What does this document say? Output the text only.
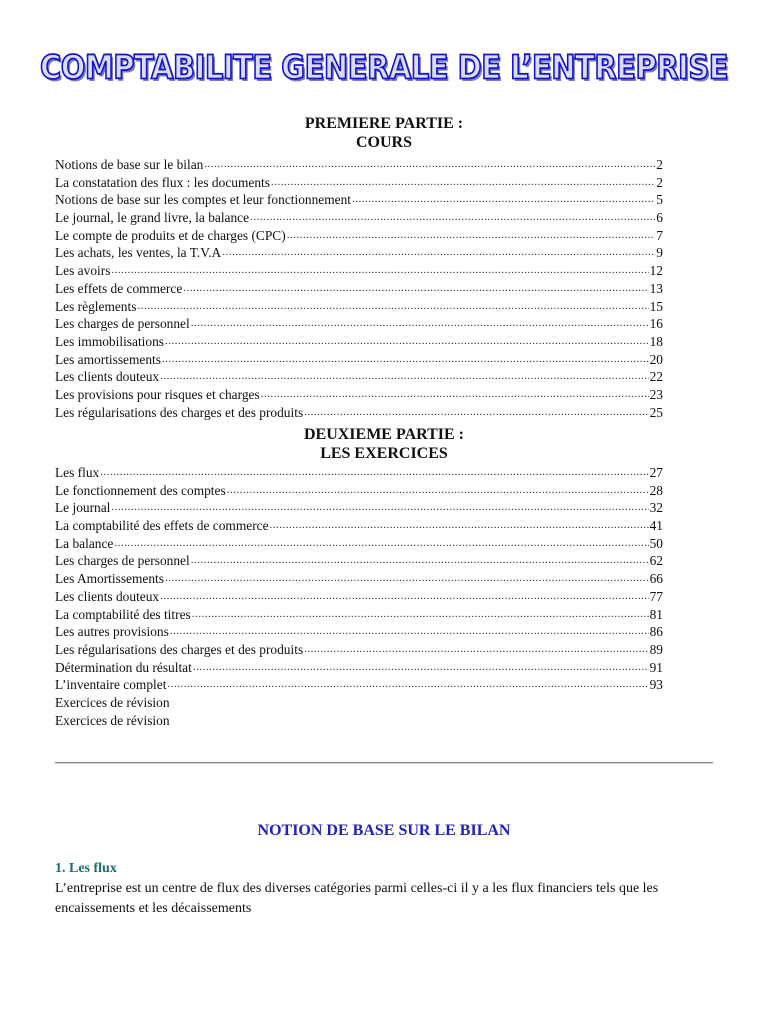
COMPTABILITE GENERALE DE L’ENTREPRISE
PREMIERE PARTIE :
COURS
Notions de base sur le bilan .....	2
La constatation des flux : les documents .....	2
Notions de base sur les comptes et leur fonctionnement .....	5
Le journal, le grand livre, la balance .....	6
Le compte de produits et de charges (CPC) .....	7
Les achats, les ventes, la T.V.A .....	9
Les avoirs .....	12
Les effets de commerce .....	13
Les règlements .....	15
Les charges de personnel .....	16
Les immobilisations .....	18
Les amortissements .....	20
Les clients douteux .....	22
Les provisions pour risques et charges .....	23
Les régularisations des charges et des produits .....	25
DEUXIEME PARTIE :
LES EXERCICES
Les flux .....	27
Le fonctionnement des comptes .....	28
Le journal .....	32
La comptabilité des effets de commerce .....	41
La balance .....	50
Les charges de personnel .....	62
Les Amortissements .....	66
Les clients douteux .....	77
La comptabilité des titres .....	81
Les autres provisions .....	86
Les régularisations des charges et des produits .....	89
Détermination du résultat .....	91
L’inventaire complet .....	93
Exercices de révision
Exercices de révision
NOTION DE BASE SUR LE BILAN
1. Les flux
L’entreprise est un centre de flux des diverses catégories parmi celles-ci il y a les flux financiers tels que les encaissements et les décaissements
